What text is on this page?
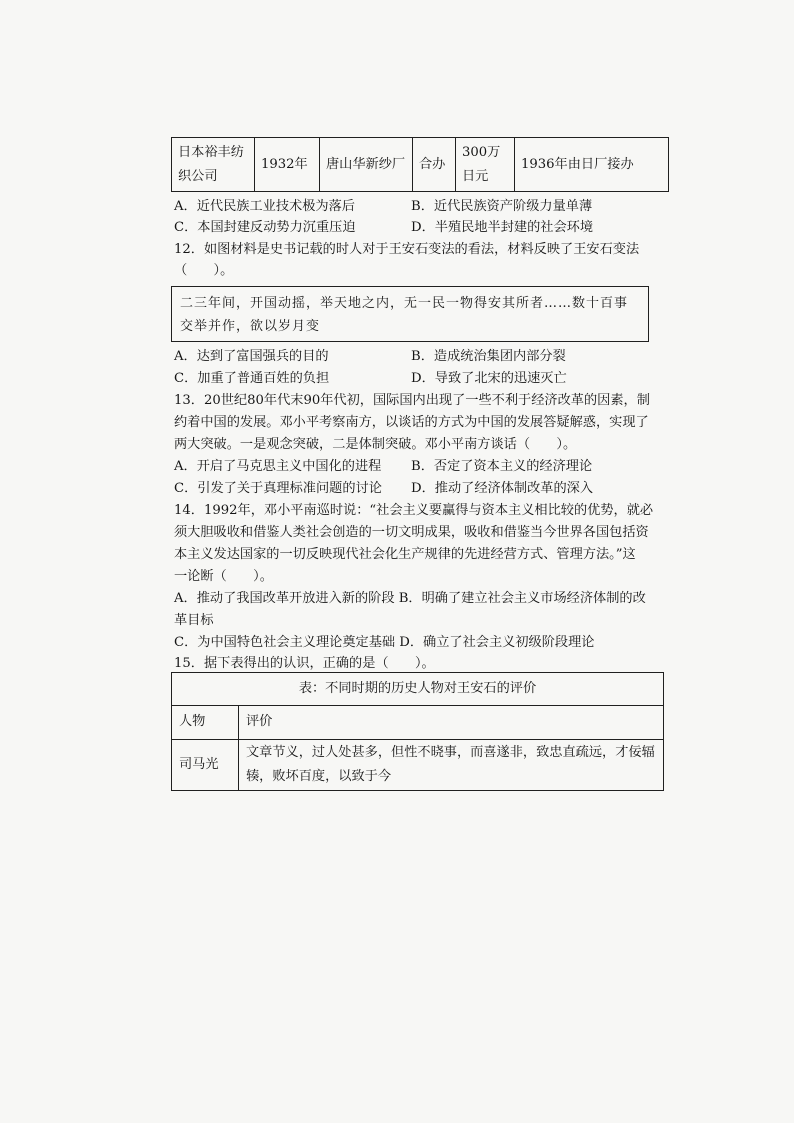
日本裕丰纺织公司	1932年	唐山华新纱厂	合办	300万日元	1936年由日厂接办
A．近代民族工业技术极为落后	B．近代民族资产阶级力量单薄
C．本国封建反动势力沉重压迫	D．半殖民地半封建的社会环境
12．如图材料是史书记载的时人对于王安石变法的看法，材料反映了王安石变法
（　　）。
二三年间，开国动摇，举天地之内，无一民一物得安其所者……数十百事交举并作，欲以岁月变
A．达到了富国强兵的目的	B．造成统治集团内部分裂
C．加重了普通百姓的负担	D．导致了北宋的迅速灭亡
13．20世纪80年代末90年代初，国际国内出现了一些不利于经济改革的因素，制
约着中国的发展。邓小平考察南方，以谈话的方式为中国的发展答疑解惑，实现了
两大突破。一是观念突破，二是体制突破。邓小平南方谈话（　　）。
A．开启了马克思主义中国化的进程 B．否定了资本主义的经济理论
C．引发了关于真理标准问题的讨论 D．推动了经济体制改革的深入
14．1992年，邓小平南巡时说：“社会主义要赢得与资本主义相比较的优势，就必
须大胆吸收和借鉴人类社会创造的一切文明成果，吸收和借鉴当今世界各国包括资
本主义发达国家的一切反映现代社会化生产规律的先进经营方式、管理方法。”这
一论断（　　）。
A．推动了我国改革开放进入新的阶段 B．明确了建立社会主义市场经济体制的改
革目标
C．为中国特色社会主义理论奠定基础 D．确立了社会主义初级阶段理论
15．据下表得出的认识，正确的是（　　）。
表：不同时期的历史人物对王安石的评价	
人物	评价
司马光	文章节义，过人处甚多，但性不晓事，而喜遂非，致忠直疏远，才佞辐辏，败坏百度，以致于今
